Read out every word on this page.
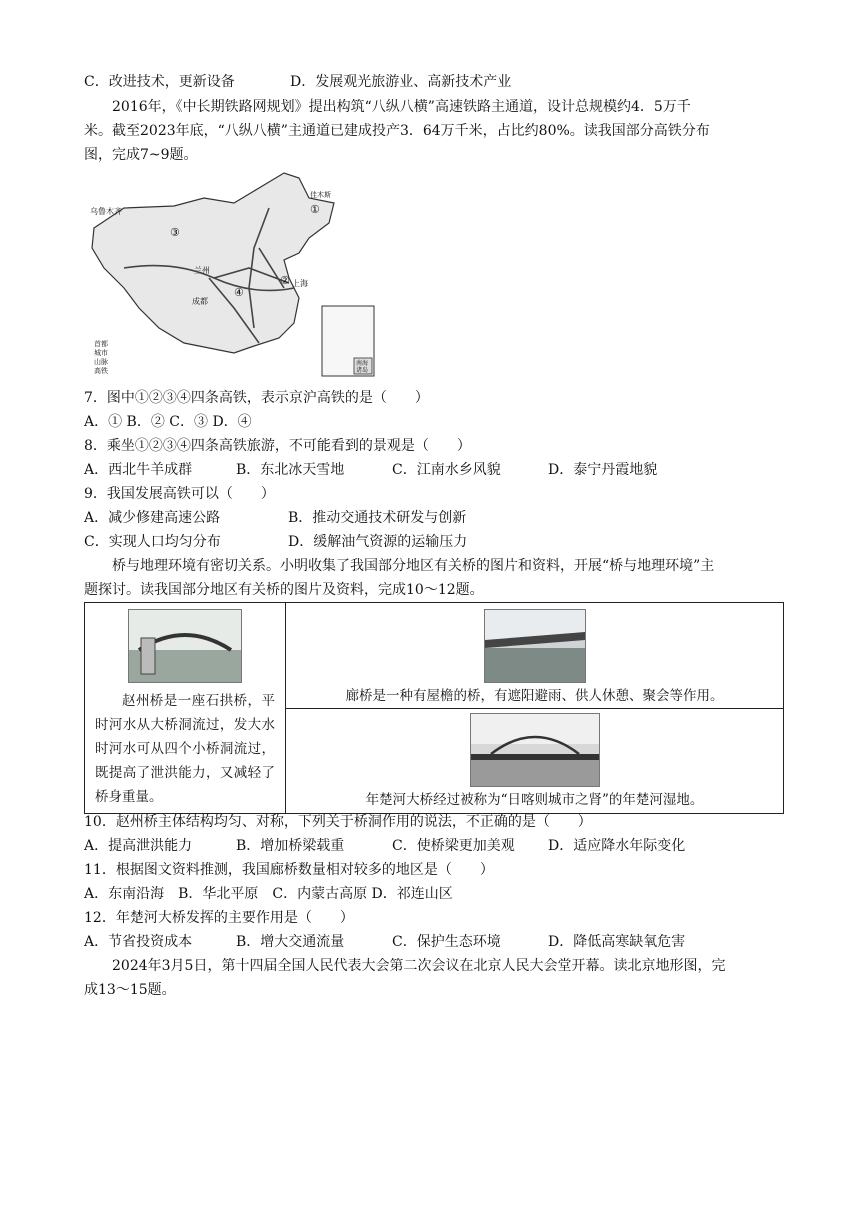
C．改进技术，更新设备	D．发展观光旅游业、高新技术产业
2016年，《中长期铁路网规划》提出构筑“八纵八横”高速铁路主通道，设计总规模约4．5万千
米。截至2023年底，“八纵八横”主通道已建成投产3．64万千米，占比约80%。读我国部分高铁分布
图，完成7~9题。
乌鲁木齐
佳木斯
兰州
成都
上海
①
②
③
④
首都
城市
山脉
高铁
南海诸岛
7．图中①②③④四条高铁，表示京沪高铁的是（　　）
A．① B．② C．③ D．④
8．乘坐①②③④四条高铁旅游，不可能看到的景观是（　　）
A．西北牛羊成群	B．东北冰天雪地	C．江南水乡风貌	D．泰宁丹霞地貌
9．我国发展高铁可以（　　）
A．减少修建高速公路	B．推动交通技术研发与创新
C．实现人口均匀分布	D．缓解油气资源的运输压力
桥与地理环境有密切关系。小明收集了我国部分地区有关桥的图片和资料，开展“桥与地理环境”主
题探讨。读我国部分地区有关桥的图片及资料，完成10～12题。
赵州桥是一座石拱桥，平时河水从大桥洞流过，发大水时河水可从四个小桥洞流过，既提高了泄洪能力，又减轻了桥身重量。

廊桥是一种有屋檐的桥，有遮阳避雨、供人休憩、聚会等作用。

年楚河大桥经过被称为“日喀则城市之肾”的年楚河湿地。
10．赵州桥主体结构均匀、对称，下列关于桥洞作用的说法，不正确的是（　　）
A．提高泄洪能力	B．增加桥梁载重	C．使桥梁更加美观 D．适应降水年际变化
11．根据图文资料推测，我国廊桥数量相对较多的地区是（　　）
A．东南沿海　B．华北平原　C．内蒙古高原 D．祁连山区
12．年楚河大桥发挥的主要作用是（　　）
A．节省投资成本	B．增大交通流量	C．保护生态环境	D．降低高寒缺氧危害
2024年3月5日，第十四届全国人民代表大会第二次会议在北京人民大会堂开幕。读北京地形图，完
成13～15题。
